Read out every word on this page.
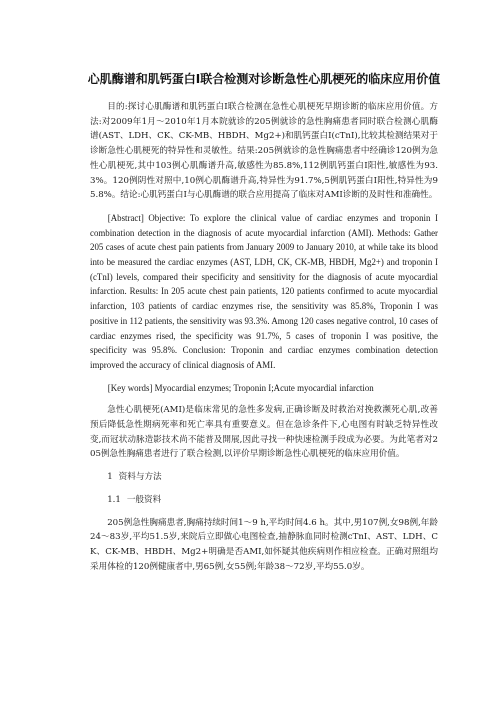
心肌酶谱和肌钙蛋白I联合检测对诊断急性心肌梗死的临床应用价值

目的:探讨心肌酶谱和肌钙蛋白I联合检测在急性心肌梗死早期诊断的临床应用价值。方法:对2009年1月～2010年1月本院就诊的205例就诊的急性胸痛患者同时联合检测心肌酶谱(AST、LDH、CK、CK-MB、HBDH、Mg2+)和肌钙蛋白I(cTnI),比较其检测结果对于诊断急性心肌梗死的特异性和灵敏性。结果:205例就诊的急性胸痛患者中经确诊120例为急性心肌梗死,其中103例心肌酶谱升高,敏感性为85.8%,112例肌钙蛋白I阳性,敏感性为93.3%。120例阴性对照中,10例心肌酶谱升高,特异性为91.7%,5例肌钙蛋白I阳性,特异性为95.8%。结论:心肌钙蛋白I与心肌酶谱的联合应用提高了临床对AMI诊断的及时性和准确性。

[Abstract] Objective: To explore the clinical value of cardiac enzymes and troponin I combination detection in the diagnosis of acute myocardial infarction (AMI). Methods: Gather 205 cases of acute chest pain patients from January 2009 to January 2010, at while take its blood into be measured the cardiac enzymes (AST, LDH, CK, CK-MB, HBDH, Mg2+) and troponin I (cTnI) levels, compared their specificity and sensitivity for the diagnosis of acute myocardial infarction. Results: In 205 acute chest pain patients, 120 patients confirmed to acute myocardial infarction, 103 patients of cardiac enzymes rise, the sensitivity was 85.8%, Troponin I was positive in 112 patients, the sensitivity was 93.3%. Among 120 cases negative control, 10 cases of cardiac enzymes rised, the specificity was 91.7%, 5 cases of troponin I was positive, the specificity was 95.8%. Conclusion: Troponin and cardiac enzymes combination detection improved the accuracy of clinical diagnosis of AMI.

[Key words] Myocardial enzymes; Troponin I;Acute myocardial infarction

急性心肌梗死(AMI)是临床常见的急性多发病,正确诊断及时救治对挽救濒死心肌,改善预后降低急性期病死率和死亡率具有重要意义。但在急诊条件下,心电图有时缺乏特异性改变,而冠状动脉造影技术尚不能普及開展,因此寻找一种快速检测手段成为必要。为此笔者对205例急性胸痛患者进行了联合检测,以评价早期诊断急性心肌梗死的临床应用价值。

1 资料与方法
1.1 一般资料

205例急性胸痛患者,胸痛持续时间1～9 h,平均时间4.6 h。其中,男107例,女98例,年龄24～83岁,平均51.5岁,来院后立即做心电图检查,抽静脉血同时检测cTnI、AST、LDH、CK、CK-MB、HBDH、Mg2+明确是否AMI,如怀疑其他疾病则作相应检查。正确对照组均采用体检的120例健康者中,男65例,女55例;年龄38～72岁,平均55.0岁。
